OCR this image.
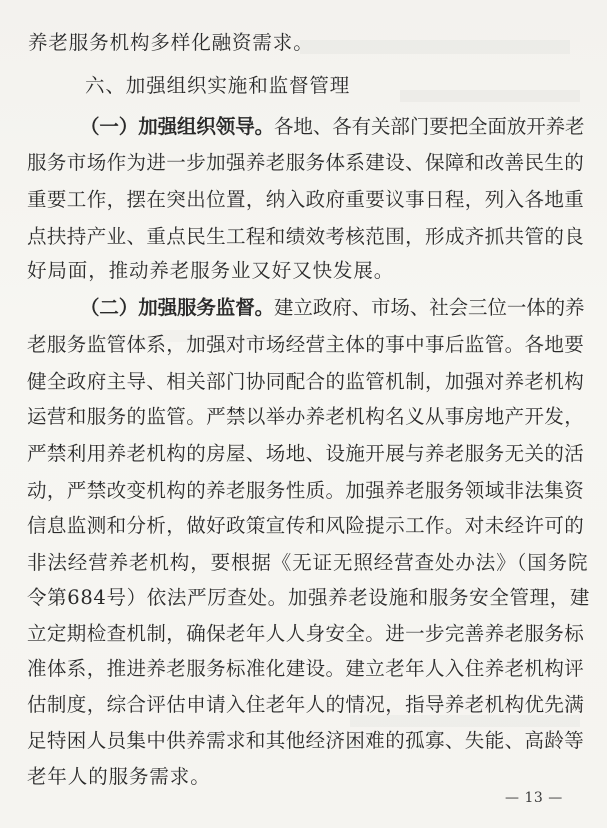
养老服务机构多样化融资需求。
六、加强组织实施和监督管理
（一）加强组织领导。各地、各有关部门要把全面放开养老
服务市场作为进一步加强养老服务体系建设、保障和改善民生的
重要工作，摆在突出位置，纳入政府重要议事日程，列入各地重
点扶持产业、重点民生工程和绩效考核范围，形成齐抓共管的良
好局面，推动养老服务业又好又快发展。
（二）加强服务监督。建立政府、市场、社会三位一体的养
老服务监管体系，加强对市场经营主体的事中事后监管。各地要
健全政府主导、相关部门协同配合的监管机制，加强对养老机构
运营和服务的监管。严禁以举办养老机构名义从事房地产开发，
严禁利用养老机构的房屋、场地、设施开展与养老服务无关的活
动，严禁改变机构的养老服务性质。加强养老服务领域非法集资
信息监测和分析，做好政策宣传和风险提示工作。对未经许可的
非法经营养老机构，要根据《无证无照经营查处办法》（国务院
令第684号）依法严厉查处。加强养老设施和服务安全管理，建
立定期检查机制，确保老年人人身安全。进一步完善养老服务标
准体系，推进养老服务标准化建设。建立老年人入住养老机构评
估制度，综合评估申请入住老年人的情况，指导养老机构优先满
足特困人员集中供养需求和其他经济困难的孤寡、失能、高龄等
老年人的服务需求。
— 13 —
